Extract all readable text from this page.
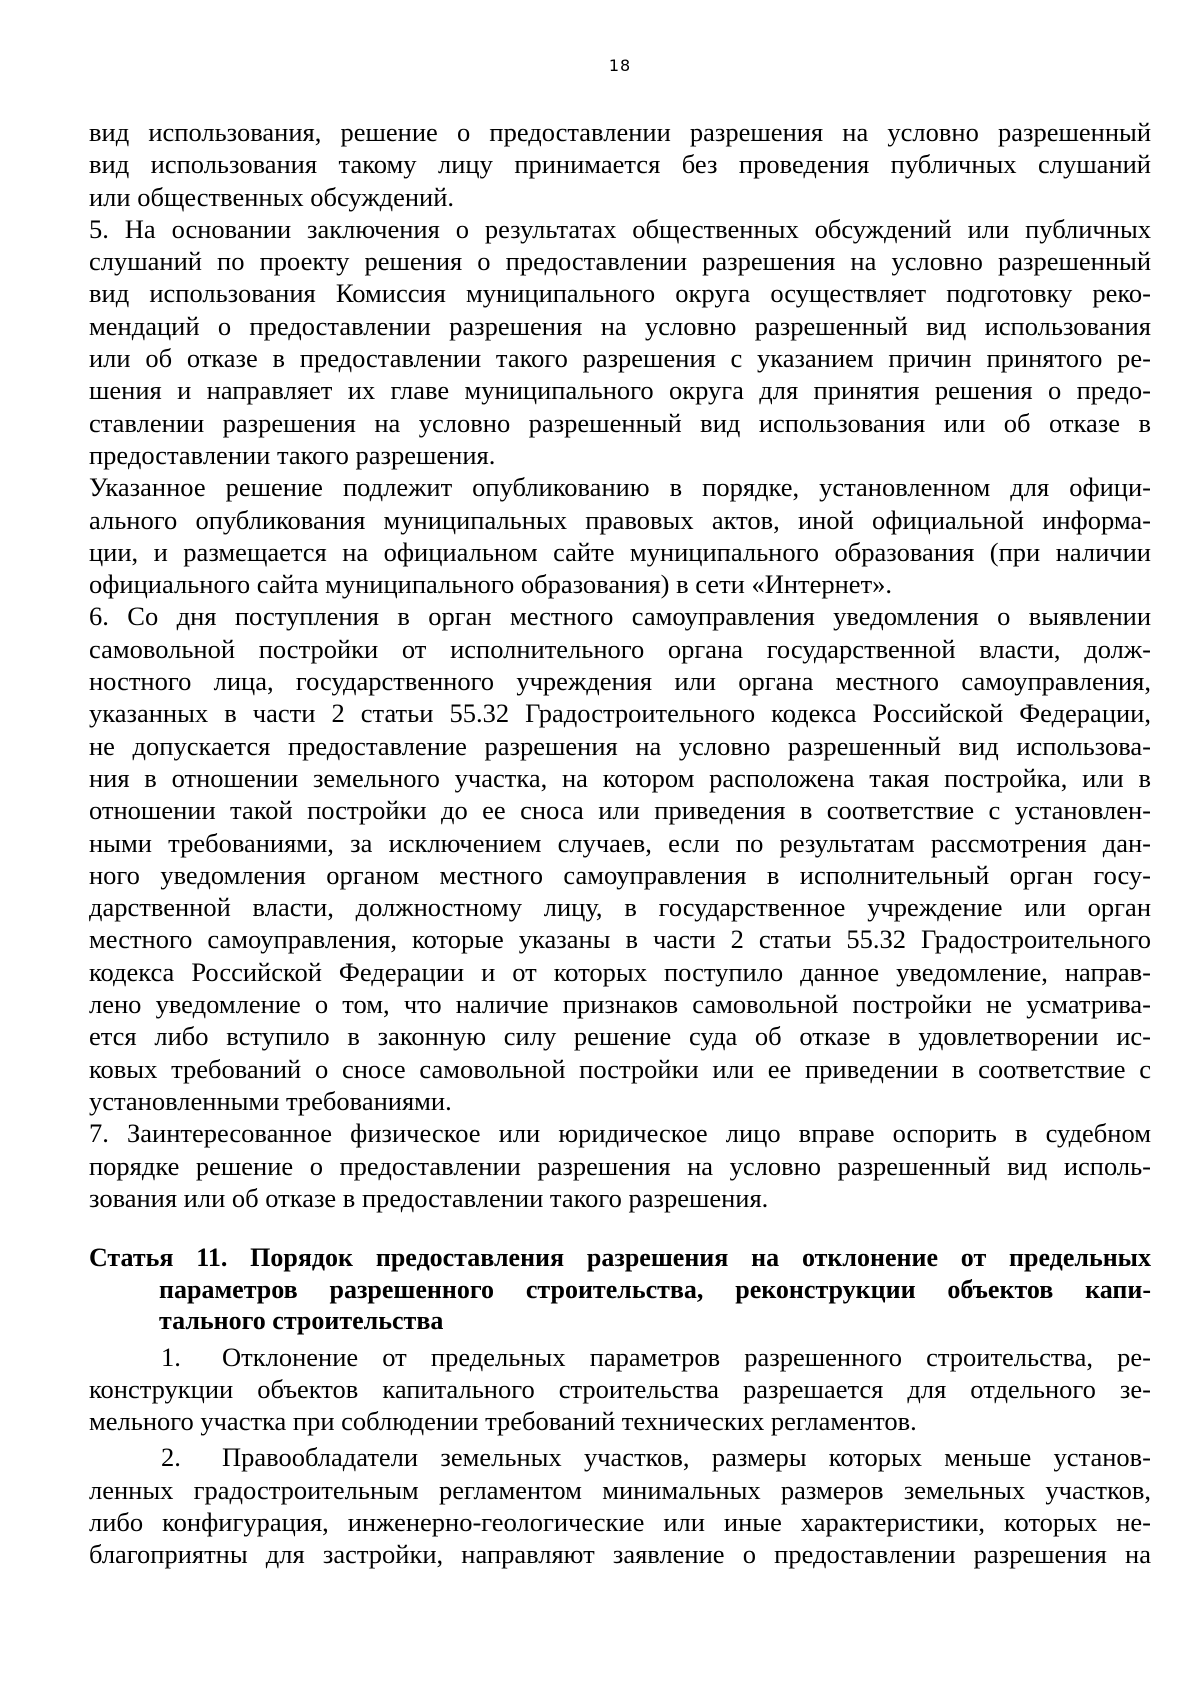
18
вид использования, решение о предоставлении разрешения на условно разрешенный
вид использования такому лицу принимается без проведения публичных слушаний
или общественных обсуждений.
5. На основании заключения о результатах общественных обсуждений или публичных
слушаний по проекту решения о предоставлении разрешения на условно разрешенный
вид использования Комиссия муниципального округа осуществляет подготовку реко-
мендаций о предоставлении разрешения на условно разрешенный вид использования
или об отказе в предоставлении такого разрешения с указанием причин принятого ре-
шения и направляет их главе муниципального округа для принятия решения о предо-
ставлении разрешения на условно разрешенный вид использования или об отказе в
предоставлении такого разрешения.
Указанное решение подлежит опубликованию в порядке, установленном для офици-
ального опубликования муниципальных правовых актов, иной официальной информа-
ции, и размещается на официальном сайте муниципального образования (при наличии
официального сайта муниципального образования) в сети «Интернет».
6. Со дня поступления в орган местного самоуправления уведомления о выявлении
самовольной постройки от исполнительного органа государственной власти, долж-
ностного лица, государственного учреждения или органа местного самоуправления,
указанных в части 2 статьи 55.32 Градостроительного кодекса Российской Федерации,
не допускается предоставление разрешения на условно разрешенный вид использова-
ния в отношении земельного участка, на котором расположена такая постройка, или в
отношении такой постройки до ее сноса или приведения в соответствие с установлен-
ными требованиями, за исключением случаев, если по результатам рассмотрения дан-
ного уведомления органом местного самоуправления в исполнительный орган госу-
дарственной власти, должностному лицу, в государственное учреждение или орган
местного самоуправления, которые указаны в части 2 статьи 55.32 Градостроительного
кодекса Российской Федерации и от которых поступило данное уведомление, направ-
лено уведомление о том, что наличие признаков самовольной постройки не усматрива-
ется либо вступило в законную силу решение суда об отказе в удовлетворении ис-
ковых требований о сносе самовольной постройки или ее приведении в соответствие с
установленными требованиями.
7. Заинтересованное физическое или юридическое лицо вправе оспорить в судебном
порядке решение о предоставлении разрешения на условно разрешенный вид исполь-
зования или об отказе в предоставлении такого разрешения.
Статья 11. Порядок предоставления разрешения на отклонение от предельных
параметров разрешенного строительства, реконструкции объектов капи-
тального строительства
1.	Отклонение от предельных параметров разрешенного строительства, ре-
конструкции объектов капитального строительства разрешается для отдельного зе-
мельного участка при соблюдении требований технических регламентов.
2.	Правообладатели земельных участков, размеры которых меньше установ-
ленных градостроительным регламентом минимальных размеров земельных участков,
либо конфигурация, инженерно-геологические или иные характеристики, которых не-
благоприятны для застройки, направляют заявление о предоставлении разрешения на
